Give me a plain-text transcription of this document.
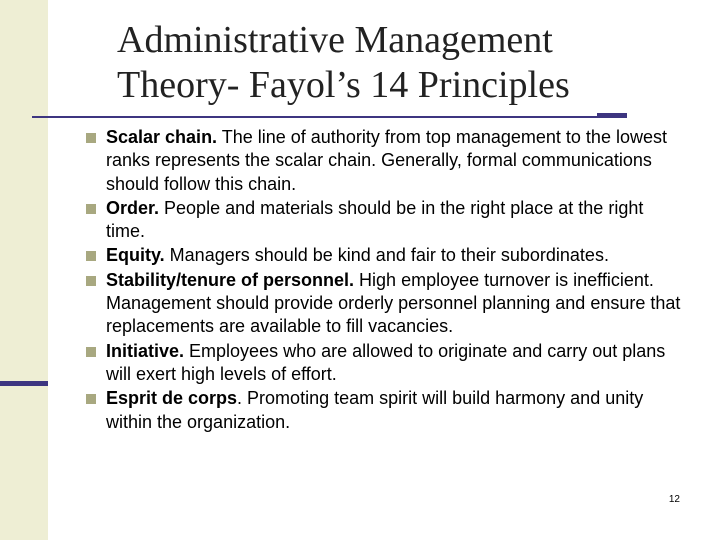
Administrative Management
Theory- Fayol’s 14 Principles
Scalar chain. The line of authority from top management to the lowest ranks represents the scalar chain. Generally, formal communications should follow this chain.
Order. People and materials should be in the right place at the right time.
Equity. Managers should be kind and fair to their subordinates.
Stability/tenure of personnel. High employee turnover is inefficient. Management should provide orderly personnel planning and ensure that replacements are available to fill vacancies.
Initiative. Employees who are allowed to originate and carry out plans will exert high levels of effort.
Esprit de corps. Promoting team spirit will build harmony and unity within the organization.
12
